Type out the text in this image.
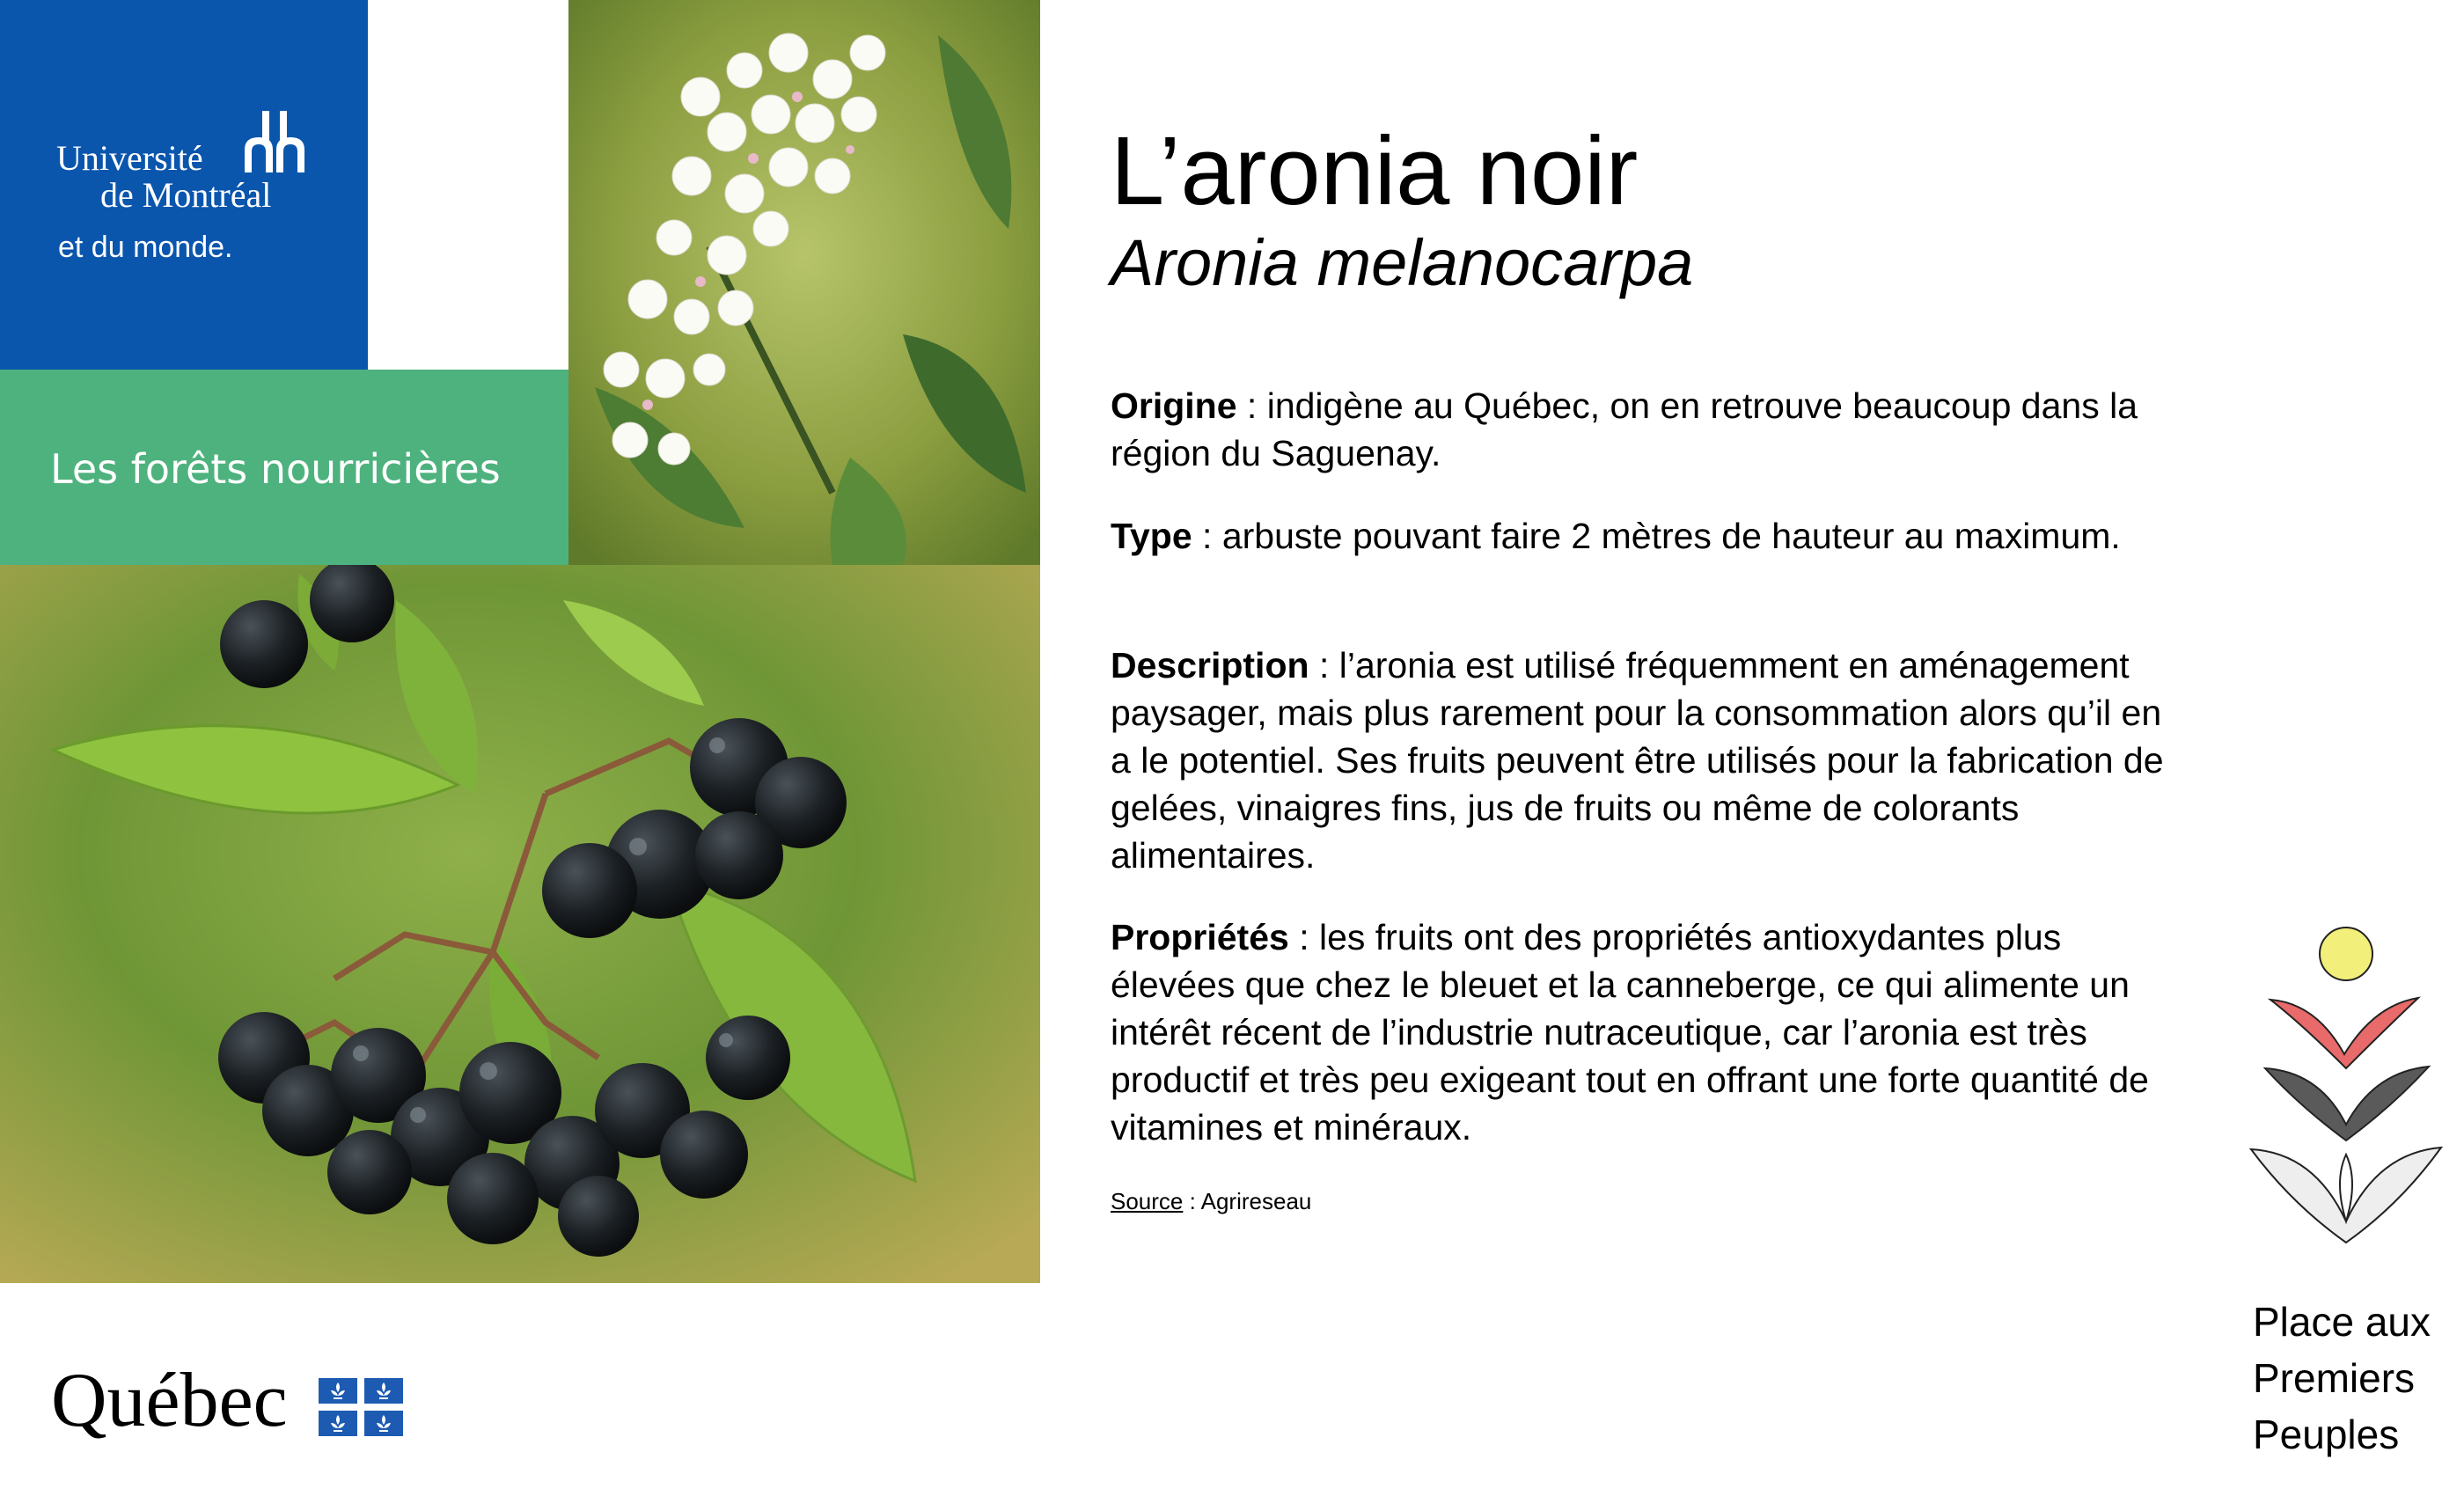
Université
de Montréal
et du monde.
Les forêts nourricières
L’aronia noir
Aronia melanocarpa
Origine : indigène au Québec, on en retrouve beaucoup dans la région du Saguenay.
Type : arbuste pouvant faire 2 mètres de hauteur au maximum.
Description : l’aronia est utilisé fréquemment en aménagement paysager, mais plus rarement pour la consommation alors qu’il en a le potentiel. Ses fruits peuvent être utilisés pour la fabrication de gelées, vinaigres fins, jus de fruits ou même de colorants alimentaires.
Propriétés : les fruits ont des propriétés antioxydantes plus élevées que chez le bleuet et la canneberge, ce qui alimente un intérêt récent de l’industrie nutraceutique, car l’aronia est très productif et très peu exigeant tout en offrant une forte quantité de vitamines et minéraux.
Source : Agrireseau
Québec
Place aux
Premiers
Peuples
